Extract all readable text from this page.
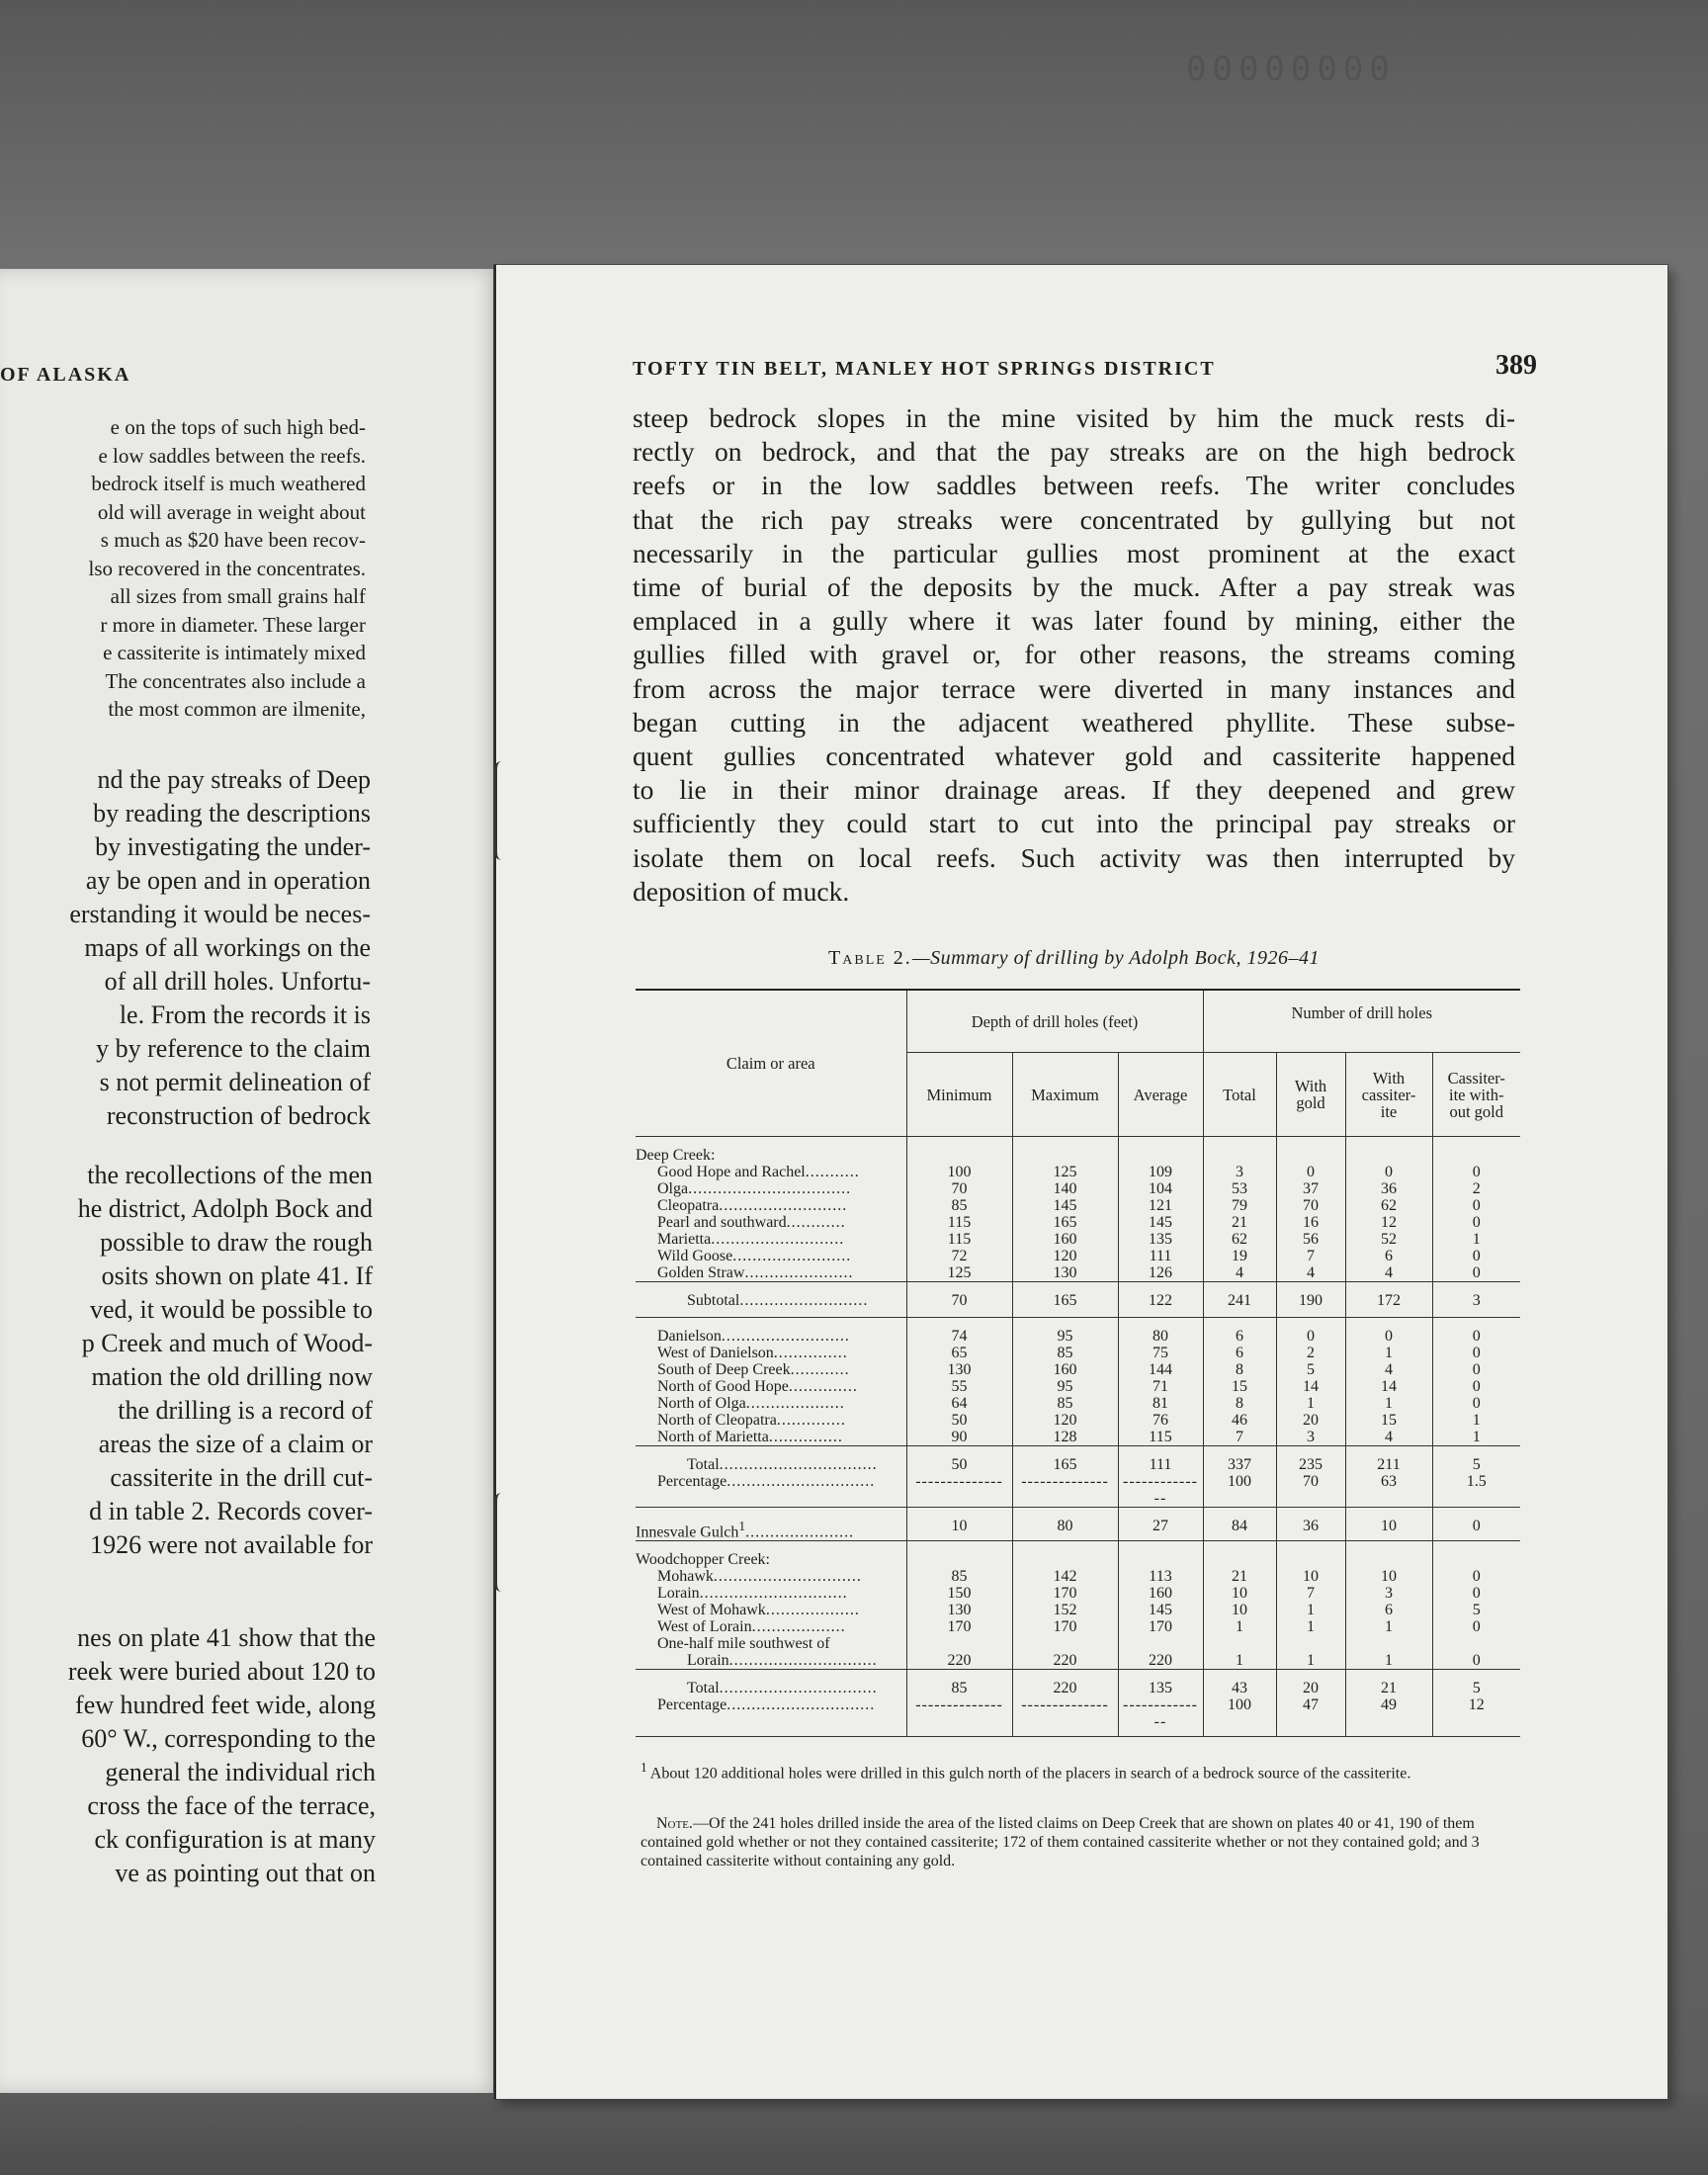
00000000
OF ALASKA
e on the tops of such high bed-
e low saddles between the reefs.
bedrock itself is much weathered
old will average in weight about
s much as $20 have been recov-
lso recovered in the concentrates.
all sizes from small grains half
r more in diameter. These larger
e cassiterite is intimately mixed
The concentrates also include a
the most common are ilmenite,
nd the pay streaks of Deep
by reading the descriptions
by investigating the under-
ay be open and in operation
erstanding it would be neces-
maps of all workings on the
of all drill holes. Unfortu-
le. From the records it is
y by reference to the claim
s not permit delineation of
reconstruction of bedrock
the recollections of the men
he district, Adolph Bock and
possible to draw the rough
osits shown on plate 41. If
ved, it would be possible to
p Creek and much of Wood-
mation the old drilling now
the drilling is a record of
areas the size of a claim or
cassiterite in the drill cut-
d in table 2. Records cover-
1926 were not available for
nes on plate 41 show that the
reek were buried about 120 to
few hundred feet wide, along
60° W., corresponding to the
general the individual rich
cross the face of the terrace,
ck configuration is at many
ve as pointing out that on
TOFTY TIN BELT, MANLEY HOT SPRINGS DISTRICT	389
steep bedrock slopes in the mine visited by him the muck rests di-
rectly on bedrock, and that the pay streaks are on the high bedrock
reefs or in the low saddles between reefs. The writer concludes
that the rich pay streaks were concentrated by gullying but not
necessarily in the particular gullies most prominent at the exact
time of burial of the deposits by the muck. After a pay streak was
emplaced in a gully where it was later found by mining, either the
gullies filled with gravel or, for other reasons, the streams coming
from across the major terrace were diverted in many instances and
began cutting in the adjacent weathered phyllite. These subse-
quent gullies concentrated whatever gold and cassiterite happened
to lie in their minor drainage areas. If they deepened and grew
sufficiently they could start to cut into the principal pay streaks or
isolate them on local reefs. Such activity was then interrupted by
deposition of muck.
Table 2.—Summary of drilling by Adolph Bock, 1926–41
Claim or area	Depth of drill holes (feet)			Number of drill holes			
	Minimum	Maximum	Average	Total	With gold	With cassiter-ite	Cassiter-ite with-out gold
Deep Creek:							
Good Hope and Rachel...........	100	125	109	3	0	0	0
Olga.................................	70	140	104	53	37	36	2
Cleopatra..........................	85	145	121	79	70	62	0
Pearl and southward............	115	165	145	21	16	12	0
Marietta...........................	115	160	135	62	56	52	1
Wild Goose........................	72	120	111	19	7	6	0
Golden Straw......................	125	130	126	4	4	4	0
Subtotal..........................	70	165	122	241	190	172	3

Danielson..........................	74	95	80	6	0	0	0
West of Danielson...............	65	85	75	6	2	1	0
South of Deep Creek............	130	160	144	8	5	4	0
North of Good Hope..............	55	95	71	15	14	14	0
North of Olga....................	64	85	81	8	1	1	0
North of Cleopatra..............	50	120	76	46	20	15	1
North of Marietta...............	90	128	115	7	3	4	1
Total................................	50	165	111	337	235	211	5
Percentage..............................	--------------	--------------	--------------	100	70	63	1.5
Innesvale Gulch$^1$......................	10	80	27	84	36	10	0
Woodchopper Creek:							
Mohawk..............................	85	142	113	21	10	10	0
Lorain..............................	150	170	160	10	7	3	0
West of Mohawk...................	130	152	145	10	1	6	5
West of Lorain...................	170	170	170	1	1	1	0
One-half mile southwest of							
Lorain..............................	220	220	220	1	1	1	0
Total................................	85	220	135	43	20	21	5
Percentage..............................	--------------	--------------	--------------	100	47	49	12
$^1$ About 120 additional holes were drilled in this gulch north of the placers in search of a bedrock source of the cassiterite.
 Note.—Of the 241 holes drilled inside the area of the listed claims on Deep Creek that are shown on plates 40 or 41, 190 of them contained gold whether or not they contained cassiterite; 172 of them contained cassiterite whether or not they contained gold; and 3 contained cassiterite without containing any gold.
